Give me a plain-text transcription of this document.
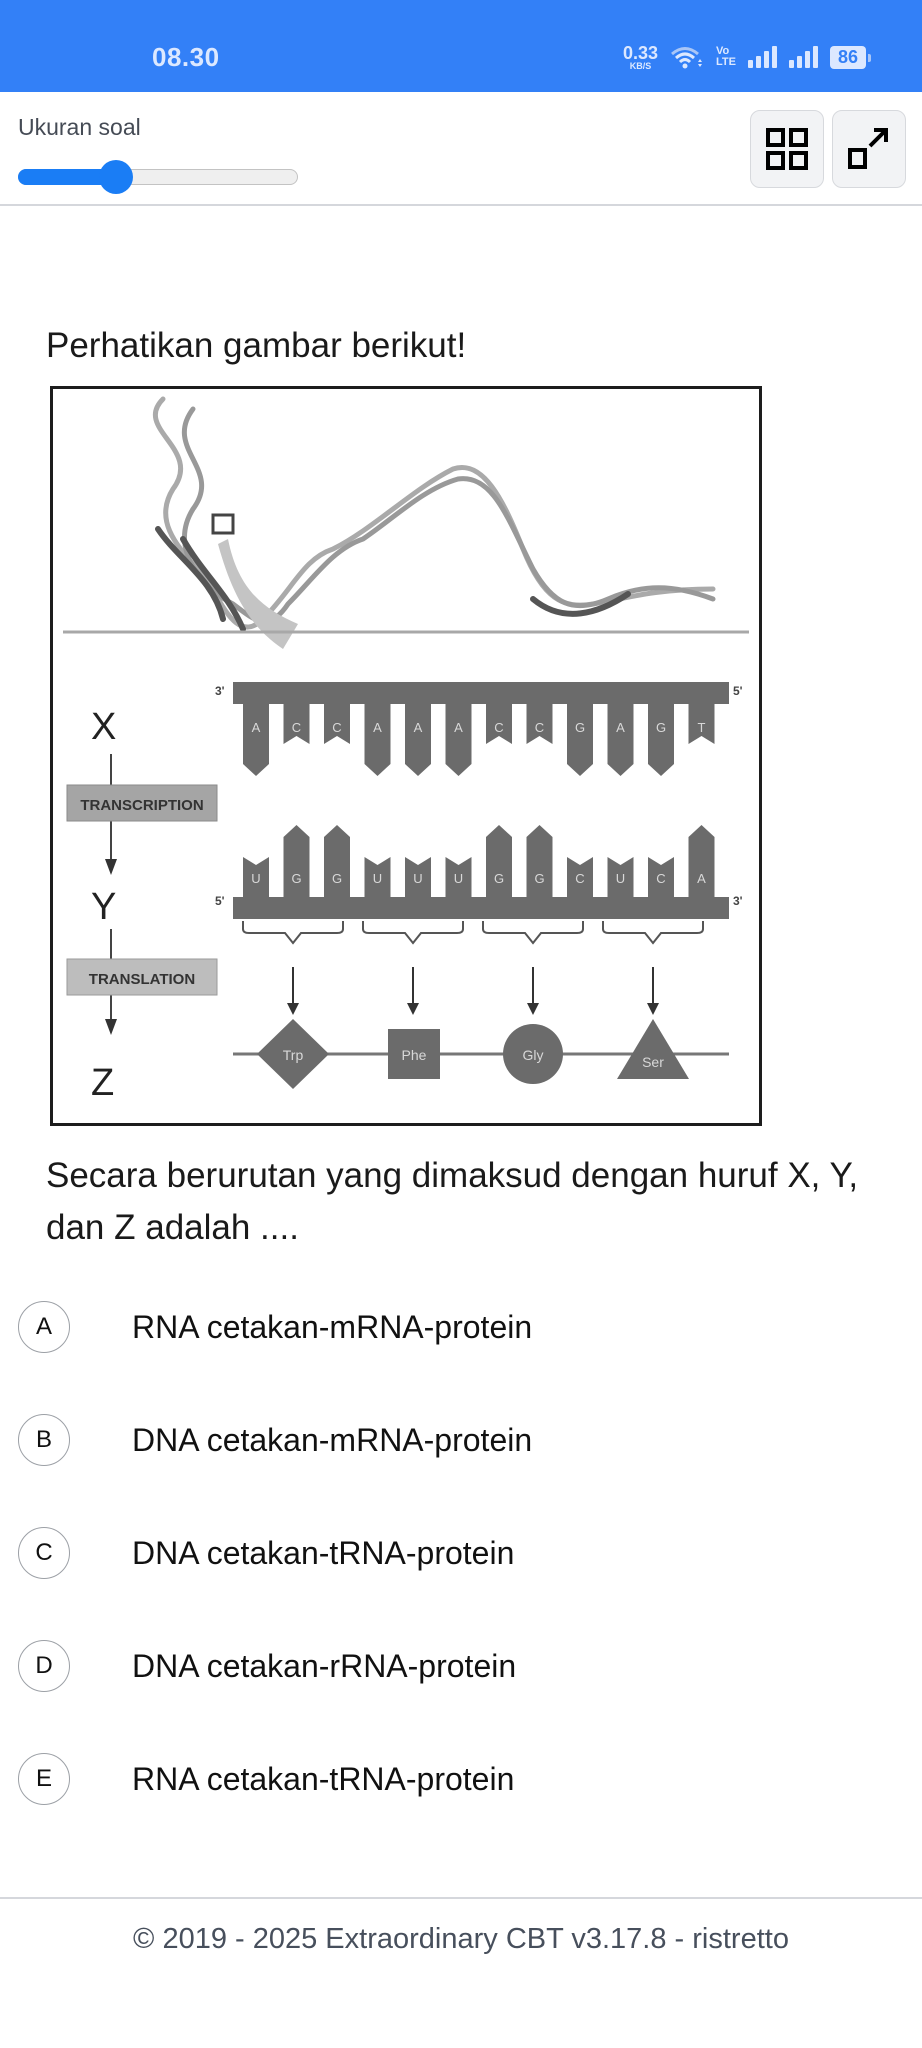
08.30	0.33
KB/S
Vo
LTE	86
Ukuran soal
Perhatikan gambar berikut!
X
TRANSCRIPTION
Y
TRANSLATION
Z
3'	5'
A C C A A A C C G A G T
U G G U U U G G C U C A
5'	3'
Trp	Phe	Gly	Ser
Secara berurutan yang dimaksud dengan huruf X, Y, dan Z adalah ....
A	RNA cetakan-mRNA-protein
B	DNA cetakan-mRNA-protein
C	DNA cetakan-tRNA-protein
D	DNA cetakan-rRNA-protein
E	RNA cetakan-tRNA-protein
© 2019 - 2025 Extraordinary CBT v3.17.8 - ristretto
